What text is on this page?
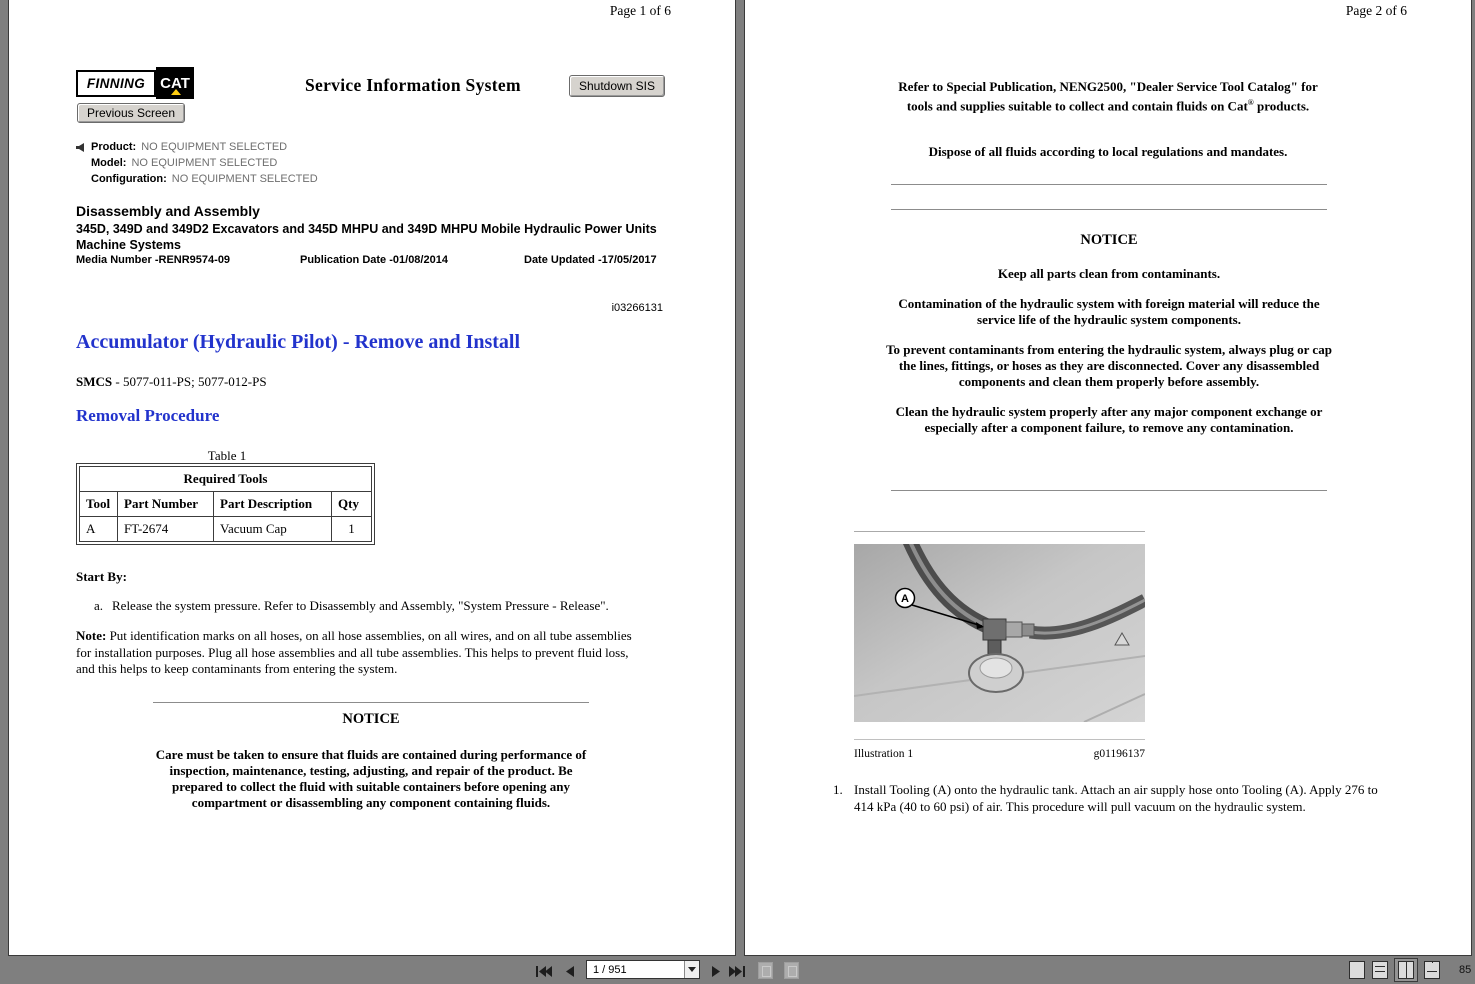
Page 1 of 6
FINNING	CAT	Service Information System	Shutdown SIS
Previous Screen
Product: NO EQUIPMENT SELECTED
Model: NO EQUIPMENT SELECTED
Configuration: NO EQUIPMENT SELECTED
Disassembly and Assembly
345D, 349D and 349D2 Excavators and 345D MHPU and 349D MHPU Mobile Hydraulic Power Units Machine Systems
Media Number -RENR9574-09	Publication Date -01/08/2014	Date Updated -17/05/2017
i03266131
Accumulator (Hydraulic Pilot) - Remove and Install
SMCS - 5077-011-PS; 5077-012-PS
Removal Procedure
Table 1
Required Tools			
Tool	Part Number	Part Description	Qty
A	FT-2674	Vacuum Cap	1
Start By:
a. Release the system pressure. Refer to Disassembly and Assembly, "System Pressure - Release".
Note: Put identification marks on all hoses, on all hose assemblies, on all wires, and on all tube assemblies for installation purposes. Plug all hose assemblies and all tube assemblies. This helps to prevent fluid loss, and this helps to keep contaminants from entering the system.
NOTICE
Care must be taken to ensure that fluids are contained during performance of inspection, maintenance, testing, adjusting, and repair of the product. Be prepared to collect the fluid with suitable containers before opening any compartment or disassembling any component containing fluids.
Page 2 of 6
Refer to Special Publication, NENG2500, "Dealer Service Tool Catalog" for tools and supplies suitable to collect and contain fluids on Cat® products.
Dispose of all fluids according to local regulations and mandates.
NOTICE

Keep all parts clean from contaminants.

Contamination of the hydraulic system with foreign material will reduce the service life of the hydraulic system components.

To prevent contaminants from entering the hydraulic system, always plug or cap the lines, fittings, or hoses as they are disconnected. Cover any disassembled components and clean them properly before assembly.

Clean the hydraulic system properly after any major component exchange or especially after a component failure, to remove any contamination.

A
Illustration 1	g01196137
1. Install Tooling (A) onto the hydraulic tank. Attach an air supply hose onto Tooling (A). Apply 276 to 414 kPa (40 to 60 psi) of air. This procedure will pull vacuum on the hydraulic system.
1 / 951	85
